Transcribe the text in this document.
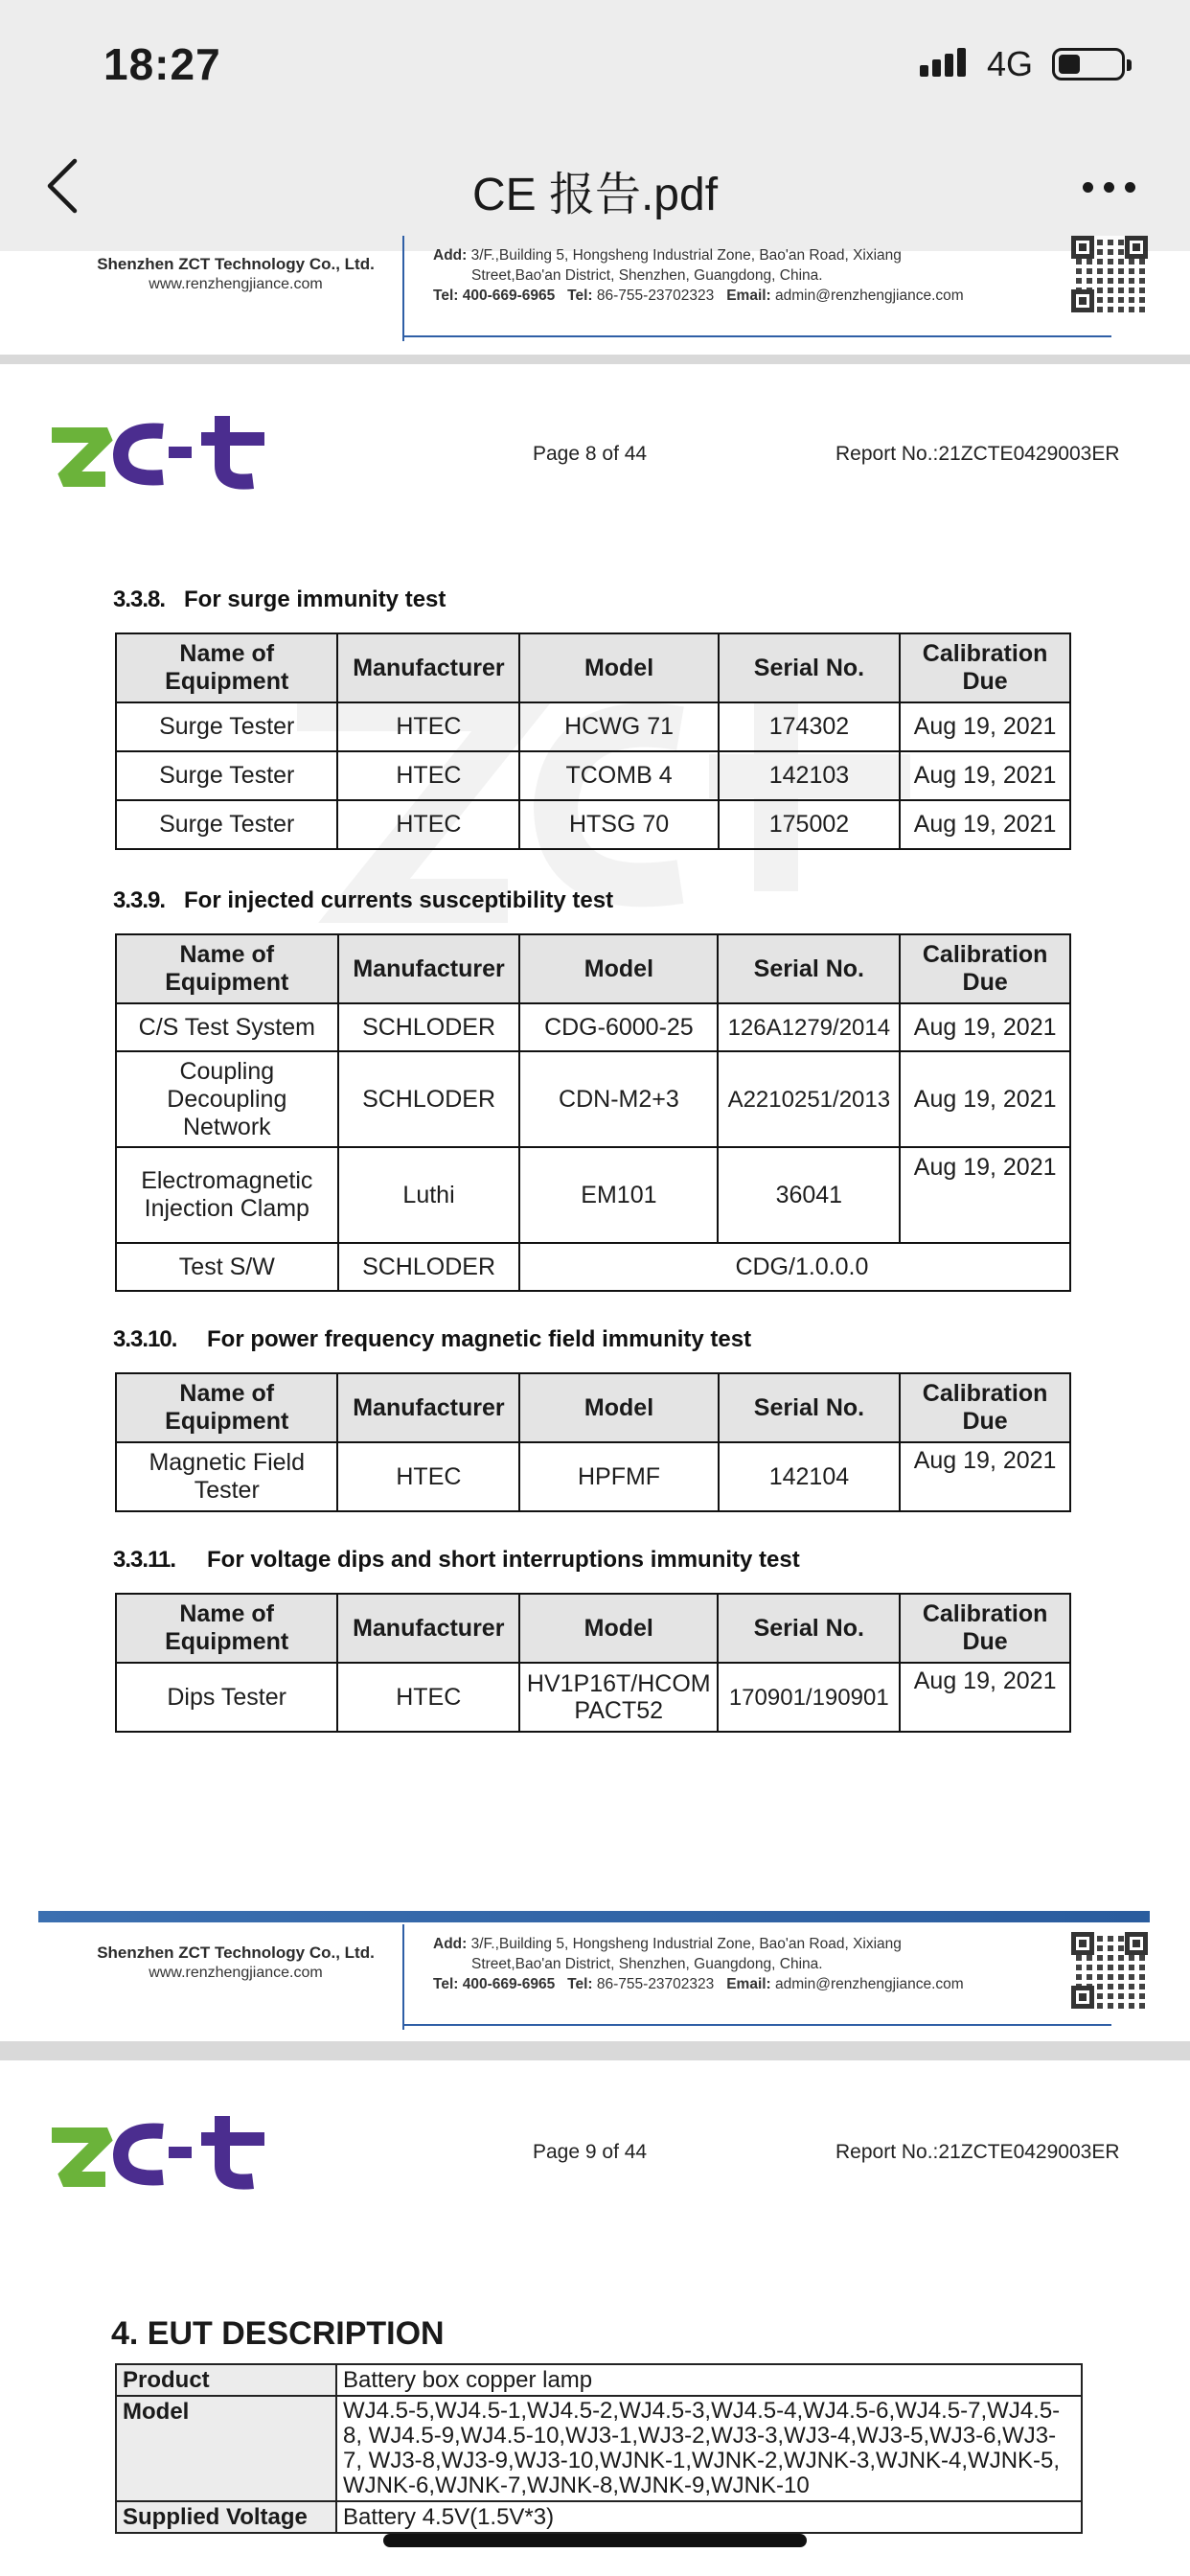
18:27	4G
CE 报告.pdf
Shenzhen ZCT Technology Co., Ltd.
www.renzhengjiance.com
Add: 3/F.,Building 5, Hongsheng Industrial Zone, Bao'an Road, Xixiang
Street,Bao'an District, Shenzhen, Guangdong, China.
Tel: 400-669-6965 Tel: 86-755-23702323 Email: admin@renzhengjiance.com
Page 8 of 44	Report No.:21ZCTE0429003ER
3.3.8. For surge immunity test
Name of Equipment	Manufacturer	Model	Serial No.	Calibration Due
Surge Tester	HTEC	HCWG 71	174302	Aug 19, 2021
Surge Tester	HTEC	TCOMB 4	142103	Aug 19, 2021
Surge Tester	HTEC	HTSG 70	175002	Aug 19, 2021
3.3.9. For injected currents susceptibility test
Name of Equipment	Manufacturer	Model	Serial No.	Calibration Due
C/S Test System	SCHLODER	CDG-6000-25	126A1279/2014	Aug 19, 2021
Coupling Decoupling Network	SCHLODER	CDN-M2+3	A2210251/2013	Aug 19, 2021
Electromagnetic Injection Clamp	Luthi	EM101	36041	Aug 19, 2021
Test S/W	SCHLODER	CDG/1.0.0.0		
3.3.10. For power frequency magnetic field immunity test
Name of Equipment	Manufacturer	Model	Serial No.	Calibration Due
Magnetic Field Tester	HTEC	HPFMF	142104	Aug 19, 2021
3.3.11. For voltage dips and short interruptions immunity test
Name of Equipment	Manufacturer	Model	Serial No.	Calibration Due
Dips Tester	HTEC	HV1P16T/HCOMPACT52	170901/190901	Aug 19, 2021
Shenzhen ZCT Technology Co., Ltd.
www.renzhengjiance.com
Add: 3/F.,Building 5, Hongsheng Industrial Zone, Bao'an Road, Xixiang
Street,Bao'an District, Shenzhen, Guangdong, China.
Tel: 400-669-6965 Tel: 86-755-23702323 Email: admin@renzhengjiance.com
Page 9 of 44	Report No.:21ZCTE0429003ER
4. EUT DESCRIPTION
Product	Battery box copper lamp
Model	WJ4.5-5,WJ4.5-1,WJ4.5-2,WJ4.5-3,WJ4.5-4,WJ4.5-6,WJ4.5-7,WJ4.5-8, WJ4.5-9,WJ4.5-10,WJ3-1,WJ3-2,WJ3-3,WJ3-4,WJ3-5,WJ3-6,WJ3-7, WJ3-8,WJ3-9,WJ3-10,WJNK-1,WJNK-2,WJNK-3,WJNK-4,WJNK-5, WJNK-6,WJNK-7,WJNK-8,WJNK-9,WJNK-10
Supplied Voltage	Battery 4.5V(1.5V*3)
